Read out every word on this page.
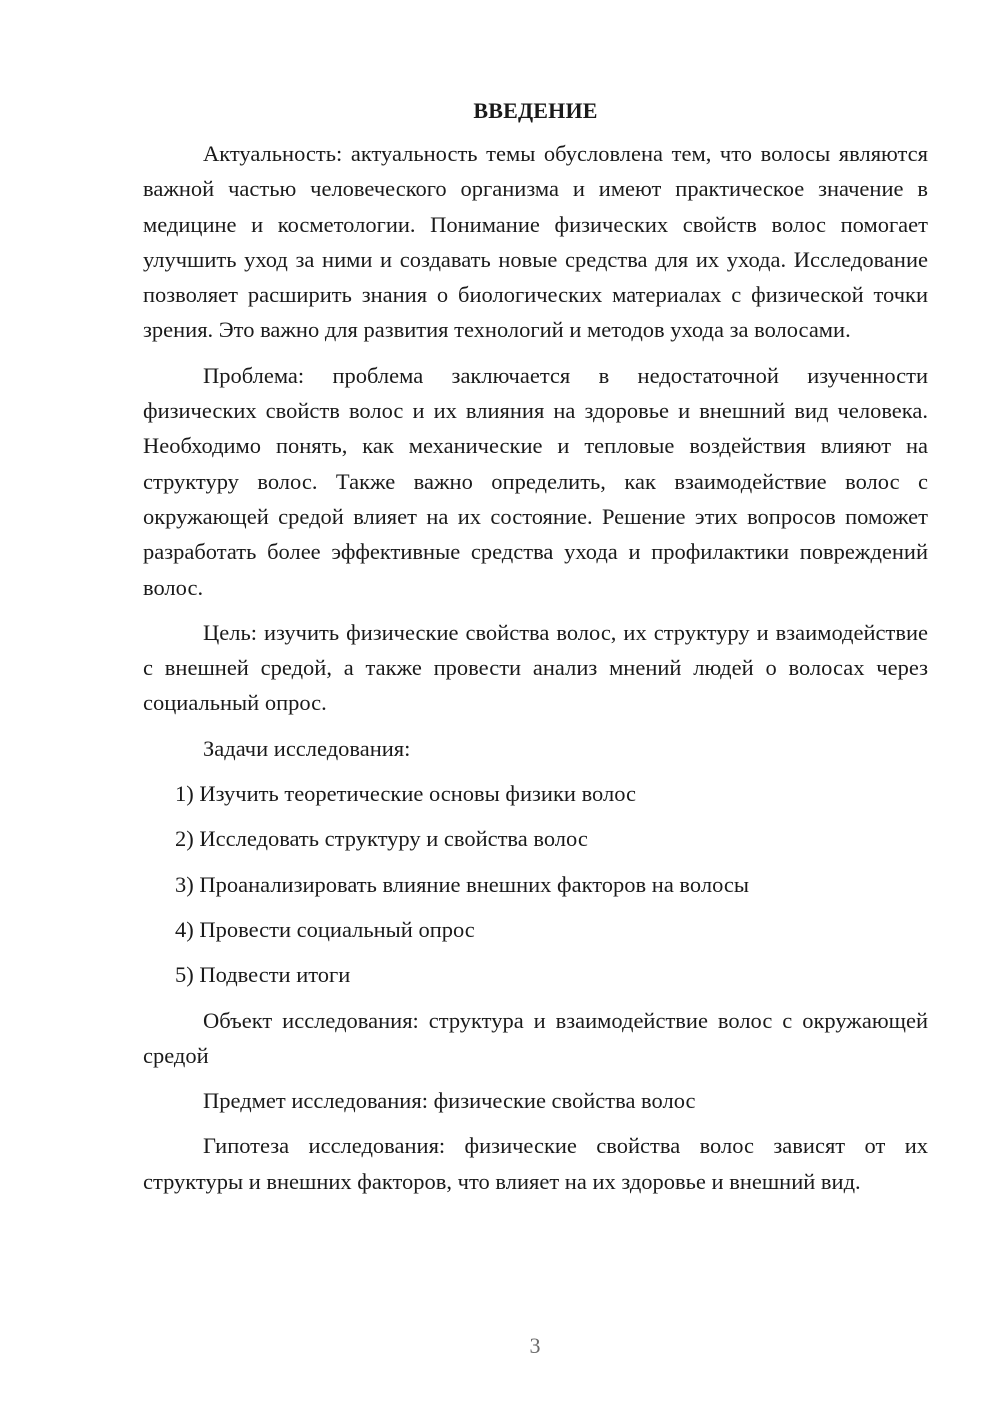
ВВЕДЕНИЕ

Актуальность: актуальность темы обусловлена тем, что волосы являются важной частью человеческого организма и имеют практическое значение в медицине и косметологии. Понимание физических свойств волос помогает улучшить уход за ними и создавать новые средства для их ухода. Исследование позволяет расширить знания о биологических материалах с физической точки зрения. Это важно для развития технологий и методов ухода за волосами.

Проблема: проблема заключается в недостаточной изученности физических свойств волос и их влияния на здоровье и внешний вид человека. Необходимо понять, как механические и тепловые воздействия влияют на структуру волос. Также важно определить, как взаимодействие волос с окружающей средой влияет на их состояние. Решение этих вопросов поможет разработать более эффективные средства ухода и профилактики повреждений волос.

Цель: изучить физические свойства волос, их структуру и взаимодействие с внешней средой, а также провести анализ мнений людей о волосах через социальный опрос.

Задачи исследования:

1) Изучить теоретические основы физики волос
2) Исследовать структуру и свойства волос
3) Проанализировать влияние внешних факторов на волосы
4) Провести социальный опрос
5) Подвести итоги

Объект исследования: структура и взаимодействие волос с окружающей средой

Предмет исследования: физические свойства волос

Гипотеза исследования: физические свойства волос зависят от их структуры и внешних факторов, что влияет на их здоровье и внешний вид.

3
